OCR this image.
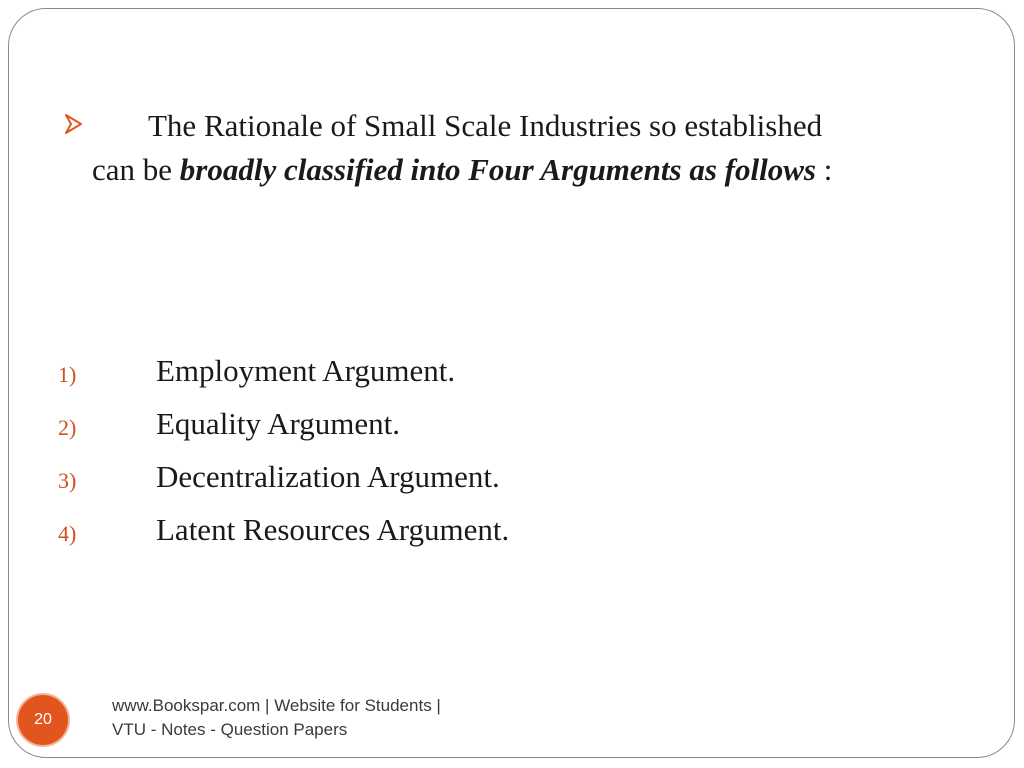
The Rationale of Small Scale Industries so established
can be broadly classified into Four Arguments as follows :
1)	Employment Argument.
2)	Equality Argument.
3)	Decentralization Argument.
4)	Latent Resources Argument.
20
www.Bookspar.com | Website for Students |
VTU - Notes - Question Papers
